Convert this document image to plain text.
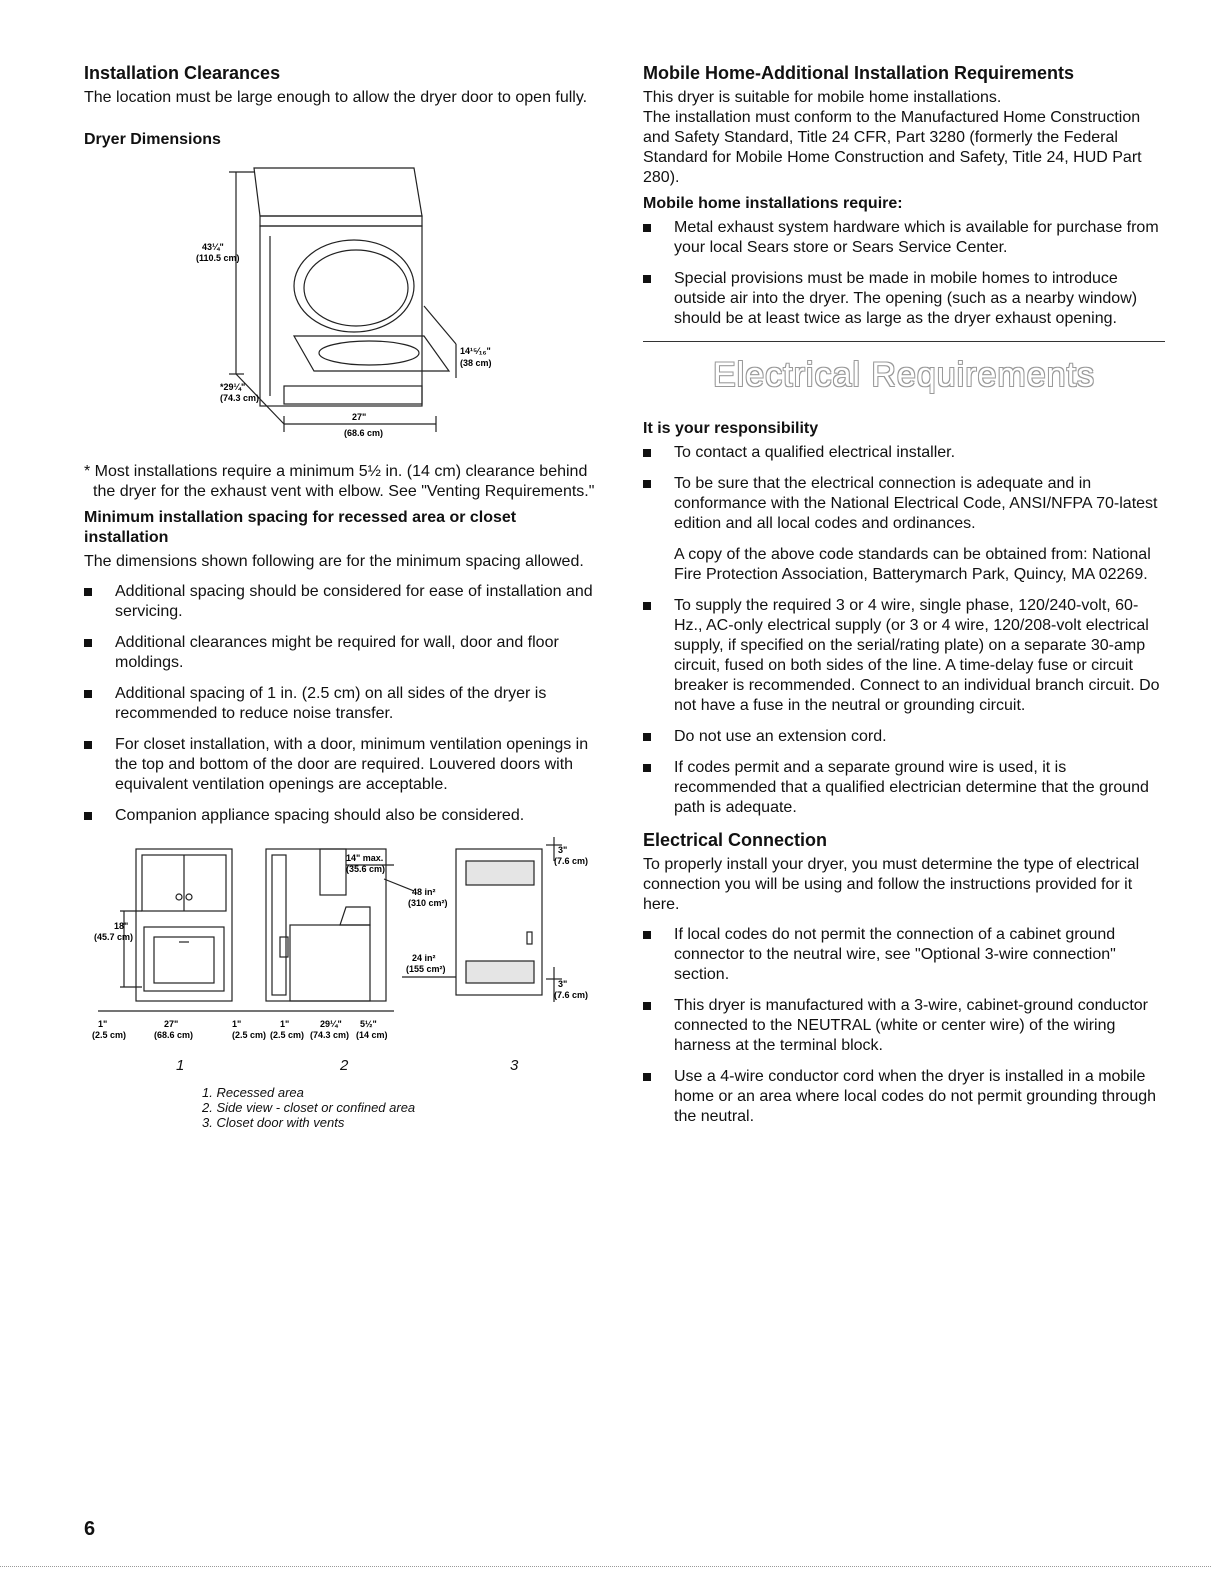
Installation Clearances

The location must be large enough to allow the dryer door to open fully.

Dryer Dimensions
43¼"
(110.5 cm)
*29¼"
(74.3 cm)
27"
(68.6 cm)
14¹⁵⁄₁₆"
(38 cm)

* Most installations require a minimum 5½ in. (14 cm) clearance behind the dryer for the exhaust vent with elbow. See "Venting Requirements."

Minimum installation spacing for recessed area or closet installation

The dimensions shown following are for the minimum spacing allowed.

Additional spacing should be considered for ease of installation and servicing.
Additional clearances might be required for wall, door and floor moldings.
Additional spacing of 1 in. (2.5 cm) on all sides of the dryer is recommended to reduce noise transfer.
For closet installation, with a door, minimum ventilation openings in the top and bottom of the door are required. Louvered doors with equivalent ventilation openings are acceptable.
Companion appliance spacing should also be considered.
18"
(45.7 cm)
1"
(2.5 cm)
27"
(68.6 cm)
1"
(2.5 cm)
1"
(2.5 cm)
29¼"
(74.3 cm)
5½"
(14 cm)
14" max.
(35.6 cm)
48 in²
(310 cm²)
24 in²
(155 cm²)
3"
(7.6 cm)
3"
(7.6 cm)
1	2	3
1. Recessed area
2. Side view - closet or confined area
3. Closet door with vents
Mobile Home-Additional Installation Requirements

This dryer is suitable for mobile home installations.

The installation must conform to the Manufactured Home Construction and Safety Standard, Title 24 CFR, Part 3280 (formerly the Federal Standard for Mobile Home Construction and Safety, Title 24, HUD Part 280).

Mobile home installations require:
Metal exhaust system hardware which is available for purchase from your local Sears store or Sears Service Center.
Special provisions must be made in mobile homes to introduce outside air into the dryer. The opening (such as a nearby window) should be at least twice as large as the dryer exhaust opening.
Electrical Requirements
It is your responsibility
To contact a qualified electrical installer.
To be sure that the electrical connection is adequate and in conformance with the National Electrical Code, ANSI/NFPA 70-latest edition and all local codes and ordinances.
A copy of the above code standards can be obtained from: National Fire Protection Association, Batterymarch Park, Quincy, MA 02269.
To supply the required 3 or 4 wire, single phase, 120/240-volt, 60-Hz., AC-only electrical supply (or 3 or 4 wire, 120/208-volt electrical supply, if specified on the serial/rating plate) on a separate 30-amp circuit, fused on both sides of the line. A time-delay fuse or circuit breaker is recommended. Connect to an individual branch circuit. Do not have a fuse in the neutral or grounding circuit.
Do not use an extension cord.
If codes permit and a separate ground wire is used, it is recommended that a qualified electrician determine that the ground path is adequate.
Electrical Connection

To properly install your dryer, you must determine the type of electrical connection you will be using and follow the instructions provided for it here.

If local codes do not permit the connection of a cabinet ground connector to the neutral wire, see "Optional 3-wire connection" section.
This dryer is manufactured with a 3-wire, cabinet-ground conductor connected to the NEUTRAL (white or center wire) of the wiring harness at the terminal block.
Use a 4-wire conductor cord when the dryer is installed in a mobile home or an area where local codes do not permit grounding through the neutral.
6
